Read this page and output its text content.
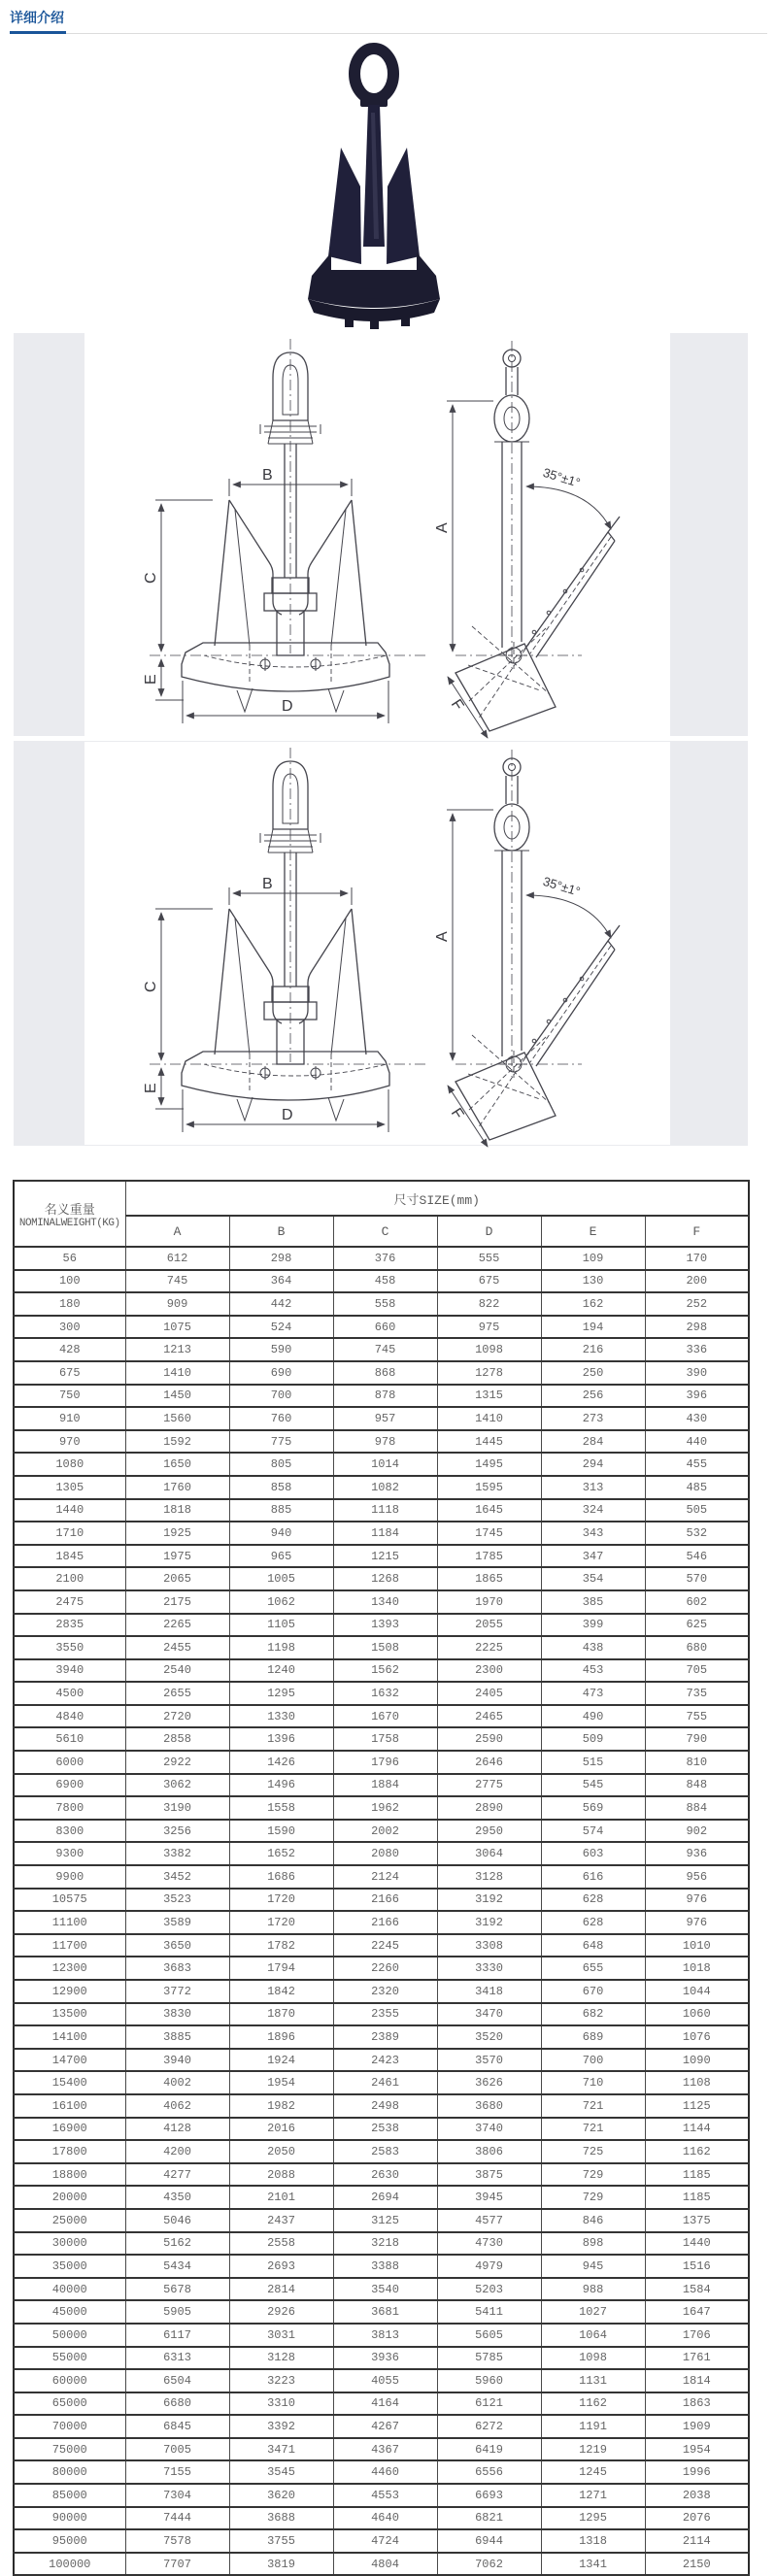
详细介绍
B
C
E
D
A
35°±1°
F
B
C
E
D
A
35°±1°
F
名义重量
NOMINALWEIGHT(KG)	尺寸SIZE(mm)					
	A	B	C	D	E	F
56	612	298	376	555	109	170
100	745	364	458	675	130	200
180	909	442	558	822	162	252
300	1075	524	660	975	194	298
428	1213	590	745	1098	216	336
675	1410	690	868	1278	250	390
750	1450	700	878	1315	256	396
910	1560	760	957	1410	273	430
970	1592	775	978	1445	284	440
1080	1650	805	1014	1495	294	455
1305	1760	858	1082	1595	313	485
1440	1818	885	1118	1645	324	505
1710	1925	940	1184	1745	343	532
1845	1975	965	1215	1785	347	546
2100	2065	1005	1268	1865	354	570
2475	2175	1062	1340	1970	385	602
2835	2265	1105	1393	2055	399	625
3550	2455	1198	1508	2225	438	680
3940	2540	1240	1562	2300	453	705
4500	2655	1295	1632	2405	473	735
4840	2720	1330	1670	2465	490	755
5610	2858	1396	1758	2590	509	790
6000	2922	1426	1796	2646	515	810
6900	3062	1496	1884	2775	545	848
7800	3190	1558	1962	2890	569	884
8300	3256	1590	2002	2950	574	902
9300	3382	1652	2080	3064	603	936
9900	3452	1686	2124	3128	616	956
10575	3523	1720	2166	3192	628	976
11100	3589	1720	2166	3192	628	976
11700	3650	1782	2245	3308	648	1010
12300	3683	1794	2260	3330	655	1018
12900	3772	1842	2320	3418	670	1044
13500	3830	1870	2355	3470	682	1060
14100	3885	1896	2389	3520	689	1076
14700	3940	1924	2423	3570	700	1090
15400	4002	1954	2461	3626	710	1108
16100	4062	1982	2498	3680	721	1125
16900	4128	2016	2538	3740	721	1144
17800	4200	2050	2583	3806	725	1162
18800	4277	2088	2630	3875	729	1185
20000	4350	2101	2694	3945	729	1185
25000	5046	2437	3125	4577	846	1375
30000	5162	2558	3218	4730	898	1440
35000	5434	2693	3388	4979	945	1516
40000	5678	2814	3540	5203	988	1584
45000	5905	2926	3681	5411	1027	1647
50000	6117	3031	3813	5605	1064	1706
55000	6313	3128	3936	5785	1098	1761
60000	6504	3223	4055	5960	1131	1814
65000	6680	3310	4164	6121	1162	1863
70000	6845	3392	4267	6272	1191	1909
75000	7005	3471	4367	6419	1219	1954
80000	7155	3545	4460	6556	1245	1996
85000	7304	3620	4553	6693	1271	2038
90000	7444	3688	4640	6821	1295	2076
95000	7578	3755	4724	6944	1318	2114
100000	7707	3819	4804	7062	1341	2150
